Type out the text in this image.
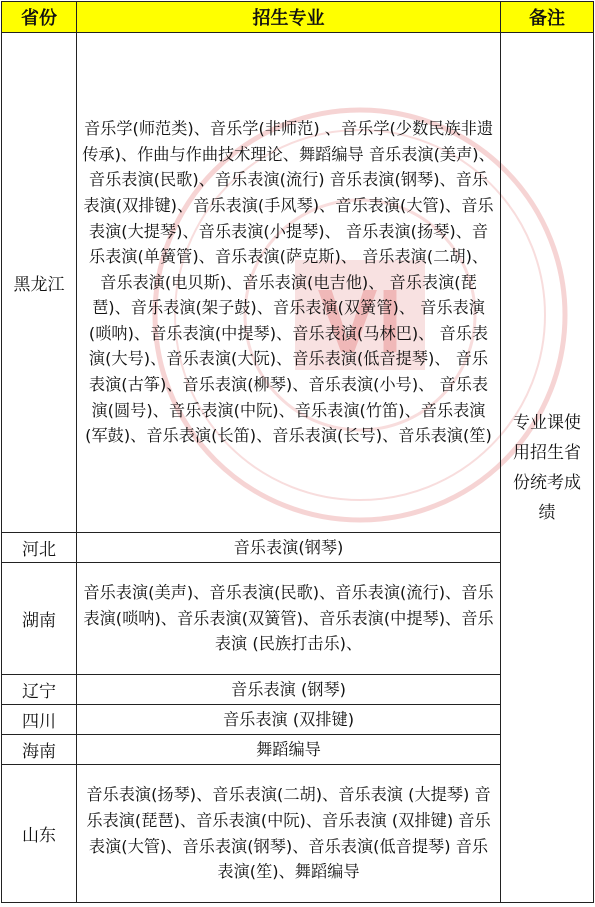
VI
省份	招生专业	备注
黑龙江	音乐学(师范类)、音乐学(非师范) 、音乐学(少数民族非遗传承)、作曲与作曲技术理论、舞蹈编导 音乐表演(美声)、音乐表演(民歌)、音乐表演(流行) 音乐表演(钢琴)、音乐表演(双排键)、音乐表演(手风琴)、音乐表演(大管)、音乐表演(大提琴)、音乐表演(小提琴)、 音乐表演(扬琴)、音乐表演(单簧管)、音乐表演(萨克斯)、 音乐表演(二胡)、音乐表演(电贝斯)、音乐表演(电吉他)、 音乐表演(琵琶)、音乐表演(架子鼓)、音乐表演(双簧管)、 音乐表演(唢呐)、音乐表演(中提琴)、音乐表演(马林巴)、 音乐表演(大号)、音乐表演(大阮)、音乐表演(低音提琴)、 音乐表演(古筝)、音乐表演(柳琴)、音乐表演(小号)、 音乐表演(圆号)、音乐表演(中阮)、音乐表演(竹笛)、音乐表演(军鼓)、音乐表演(长笛)、音乐表演(长号)、音乐表演(笙)	专业课使用招生省份统考成绩
河北	音乐表演(钢琴)	
湖南	音乐表演(美声)、音乐表演(民歌)、音乐表演(流行)、音乐表演(唢呐)、音乐表演(双簧管)、音乐表演(中提琴)、音乐表演 (民族打击乐)、	
辽宁	音乐表演 (钢琴)	
四川	音乐表演 (双排键)	
海南	舞蹈编导	
山东	音乐表演(扬琴)、音乐表演(二胡)、音乐表演 (大提琴) 音乐表演(琵琶)、音乐表演(中阮)、音乐表演 (双排键) 音乐表演(大管)、音乐表演(钢琴)、音乐表演(低音提琴) 音乐表演(笙)、舞蹈编导	
